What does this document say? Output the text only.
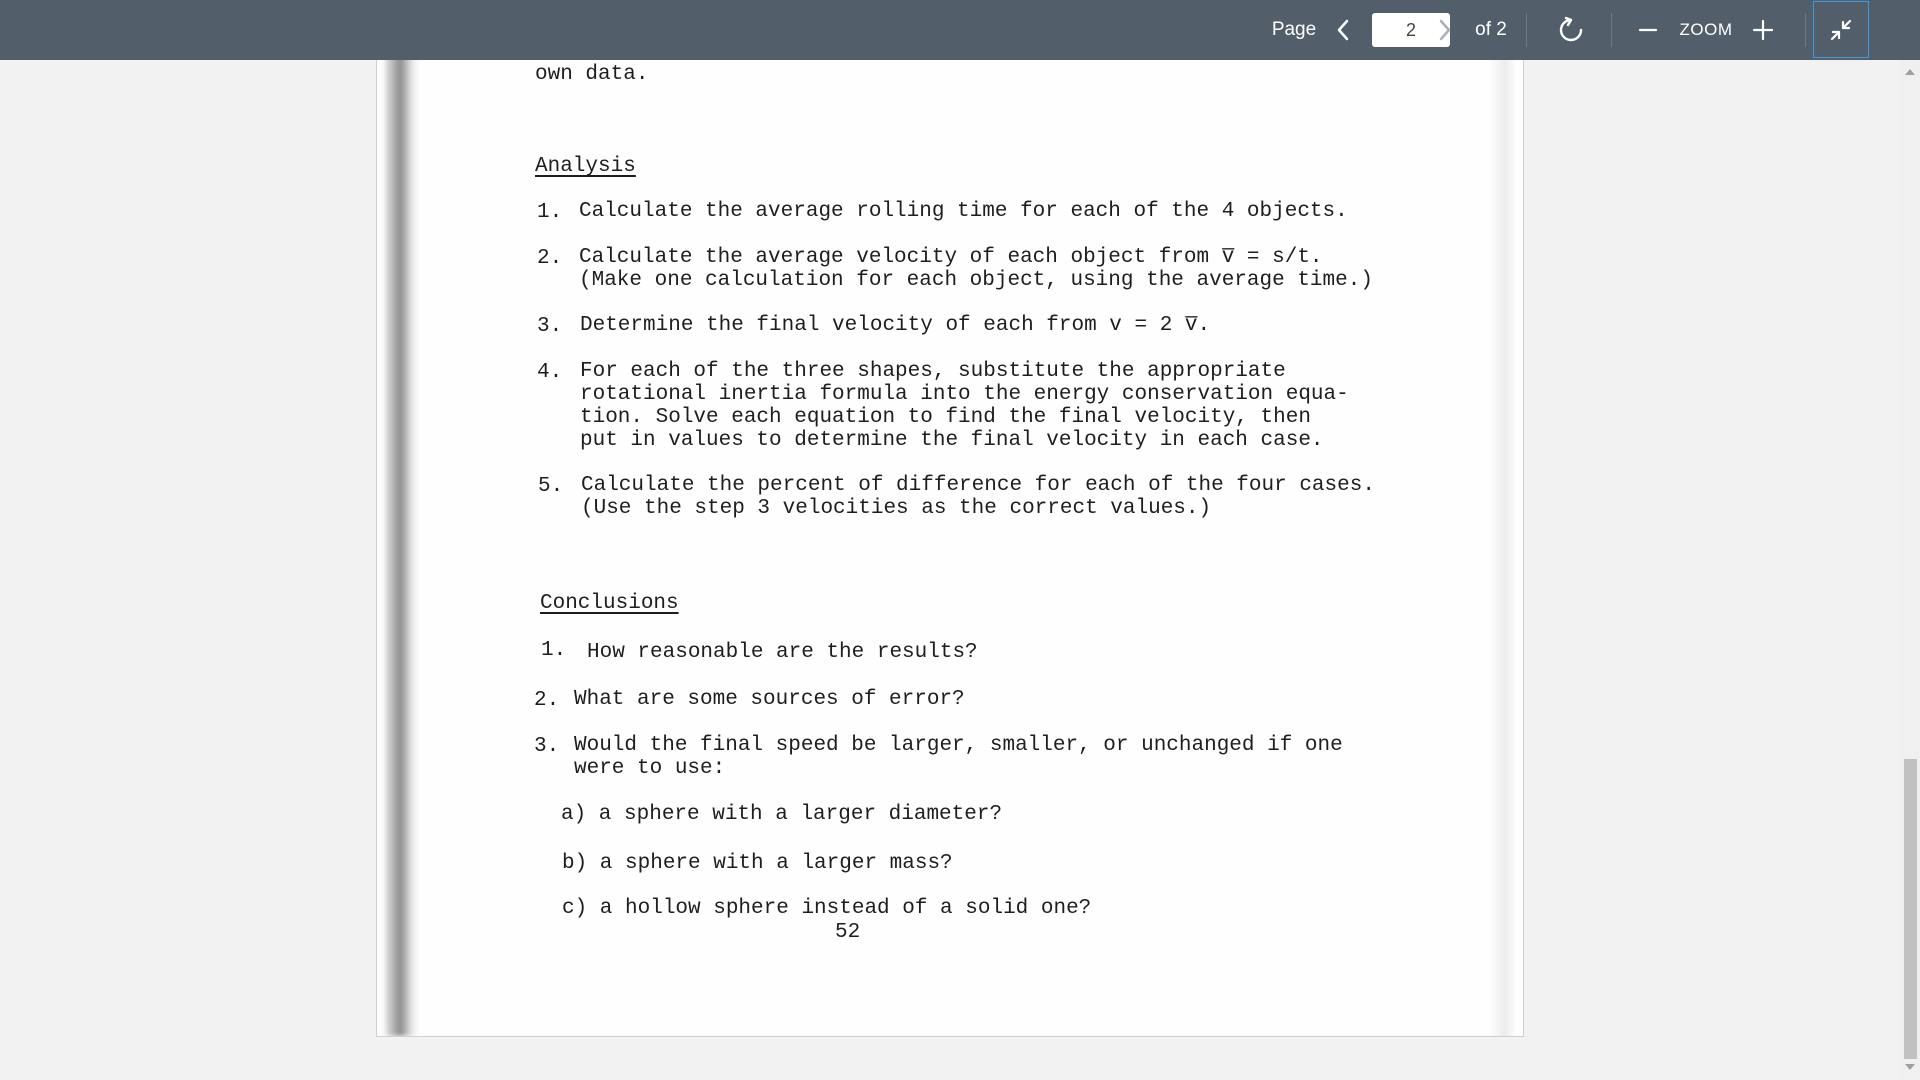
Page
2	of 2	ZOOM
own data.
Analysis
1. Calculate the average rolling time for each of the 4 objects.
2. Calculate the average velocity of each object from v̅ = s/t.
(Make one calculation for each object, using the average time.)
3. Determine the final velocity of each from v = 2 v̅.
4. For each of the three shapes, substitute the appropriate
rotational inertia formula into the energy conservation equa-
tion. Solve each equation to find the final velocity, then
put in values to determine the final velocity in each case.
5. Calculate the percent of difference for each of the four cases.
(Use the step 3 velocities as the correct values.)
Conclusions
1. How reasonable are the results?
2. What are some sources of error?
3. Would the final speed be larger, smaller, or unchanged if one
were to use:
a) a sphere with a larger diameter?
b) a sphere with a larger mass?
c) a hollow sphere instead of a solid one?
52
